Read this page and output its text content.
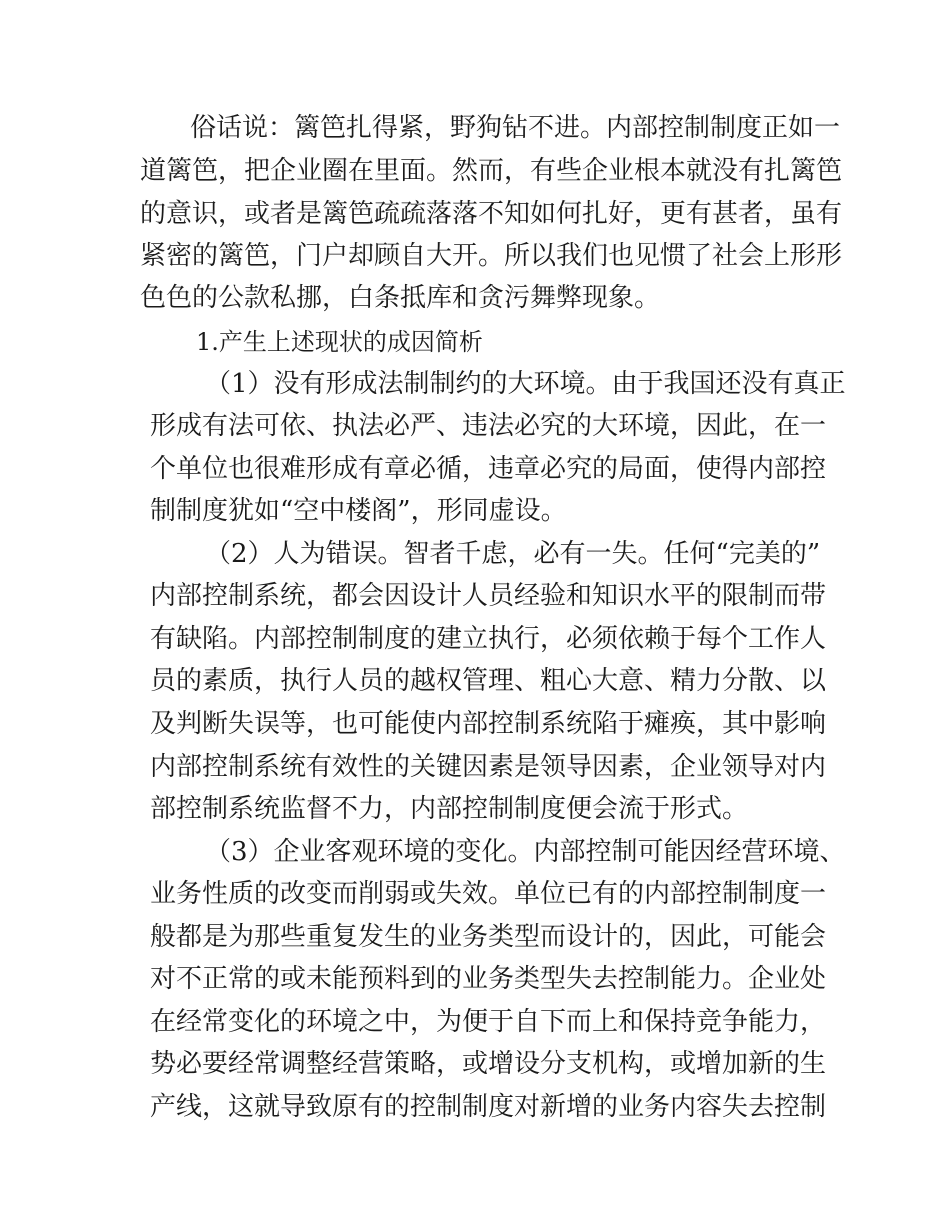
俗话说：篱笆扎得紧，野狗钻不进。内部控制制度正如一
道篱笆，把企业圈在里面。然而，有些企业根本就没有扎篱笆
的意识，或者是篱笆疏疏落落不知如何扎好，更有甚者，虽有
紧密的篱笆，门户却顾自大开。所以我们也见惯了社会上形形
色色的公款私挪，白条抵库和贪污舞弊现象。
1.产生上述现状的成因简析
（1）没有形成法制制约的大环境。由于我国还没有真正
形成有法可依、执法必严、违法必究的大环境，因此，在一
个单位也很难形成有章必循，违章必究的局面，使得内部控
制制度犹如“空中楼阁”，形同虚设。
（2）人为错误。智者千虑，必有一失。任何“完美的”
内部控制系统，都会因设计人员经验和知识水平的限制而带
有缺陷。内部控制制度的建立执行，必须依赖于每个工作人
员的素质，执行人员的越权管理、粗心大意、精力分散、以
及判断失误等，也可能使内部控制系统陷于瘫痪，其中影响
内部控制系统有效性的关键因素是领导因素，企业领导对内
部控制系统监督不力，内部控制制度便会流于形式。
（3）企业客观环境的变化。内部控制可能因经营环境、
业务性质的改变而削弱或失效。单位已有的内部控制制度一
般都是为那些重复发生的业务类型而设计的，因此，可能会
对不正常的或未能预料到的业务类型失去控制能力。企业处
在经常变化的环境之中，为便于自下而上和保持竞争能力，
势必要经常调整经营策略，或增设分支机构，或增加新的生
产线，这就导致原有的控制制度对新增的业务内容失去控制
